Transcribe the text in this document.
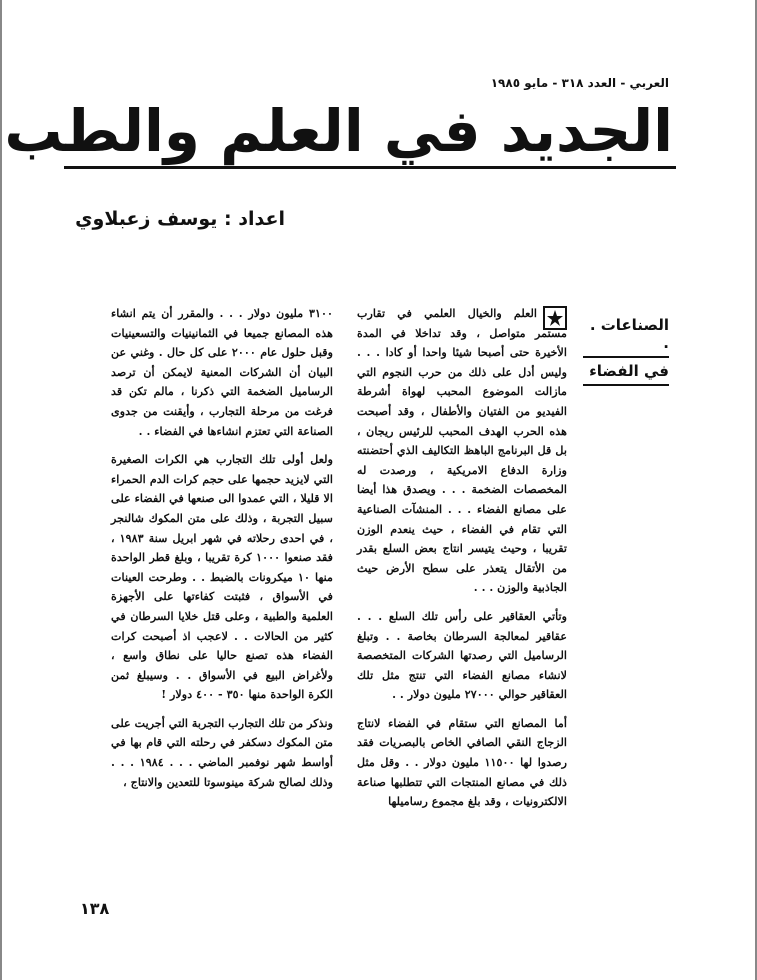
العربي - العدد ٣١٨ - مايو ١٩٨٥
الجديد في العلم والطب
اعداد : يوسف زعبلاوي
الصناعات . .
في الفضاء

العلم والخيال العلمي في تقارب مستمر متواصل ، وقد تداخلا في المدة الأخيرة حتى أصبحا شيئا واحدا أو كادا . . . وليس أدل على ذلك من حرب النجوم التي مازالت الموضوع المحبب لهواة أشرطة الفيديو من الفتيان والأطفال ، وقد أصبحت هذه الحرب الهدف المحبب للرئيس ريجان ، بل قل البرنامج الباهظ التكاليف الذي أحتضنته وزارة الدفاع الامريكية ، ورصدت له المخصصات الضخمة . . . ويصدق هذا أيضا على مصانع الفضاء . . . المنشآت الصناعية التي تقام في الفضاء ، حيث ينعدم الوزن تقريبا ، وحيث يتيسر انتاج بعض السلع بقدر من الأتقال يتعذر على سطح الأرض حيث الجاذبية والوزن . . .

وتأتي العقاقير على رأس تلك السلع . . . عقاقير لمعالجة السرطان بخاصة . . وتبلغ الرساميل التي رصدتها الشركات المتخصصة لانشاء مصانع الفضاء التي تنتج مثل تلك العقاقير حوالي ٢٧٠٠٠ مليون دولار . .

أما المصانع التي ستقام في الفضاء لانتاج الزجاج النقي الصافي الخاص بالبصريات فقد رصدوا لها ١١٥٠٠ مليون دولار . . وقل مثل ذلك في مصانع المنتجات التي تتطلبها صناعة الالكترونيات ، وقد بلغ مجموع رساميلها

٣١٠٠ مليون دولار . . . والمقرر أن يتم انشاء هذه المصانع جميعا في الثمانينيات والتسعينيات وقبل حلول عام ٢٠٠٠ على كل حال . وغني عن البيان أن الشركات المعنية لايمكن أن ترصد الرساميل الضخمة التي ذكرنا ، مالم تكن قد فرغت من مرحلة التجارب ، وأيقنت من جدوى الصناعة التي تعتزم انشاءها في الفضاء . .

ولعل أولى تلك التجارب هي الكرات الصغيرة التي لايزيد حجمها على حجم كرات الدم الحمراء الا قليلا ، التي عمدوا الى صنعها في الفضاء على سبيل التجربة ، وذلك على متن المكوك شالنجر ، في احدى رحلاته في شهر ابريل سنة ١٩٨٣ ، فقد صنعوا ١٠٠٠ كرة تقريبا ، وبلغ قطر الواحدة منها ١٠ ميكرونات بالضبط . . وطرحت العينات في الأسواق ، فثبتت كفاءتها على الأجهزة العلمية والطبية ، وعلى قتل خلايا السرطان في كثير من الحالات . . لاعجب اذ أصبحت كرات الفضاء هذه تصنع حاليا على نطاق واسع ، ولأغراض البيع في الأسواق . . وسيبلغ ثمن الكرة الواحدة منها ٣٥٠ - ٤٠٠ دولار !

ونذكر من تلك التجارب التجربة التي أجريت على متن المكوك دسكفر في رحلته التي قام بها في أواسط شهر نوفمبر الماضي . . . ١٩٨٤ . . . وذلك لصالح شركة مينوسوتا للتعدين والانتاج ،

١٣٨
